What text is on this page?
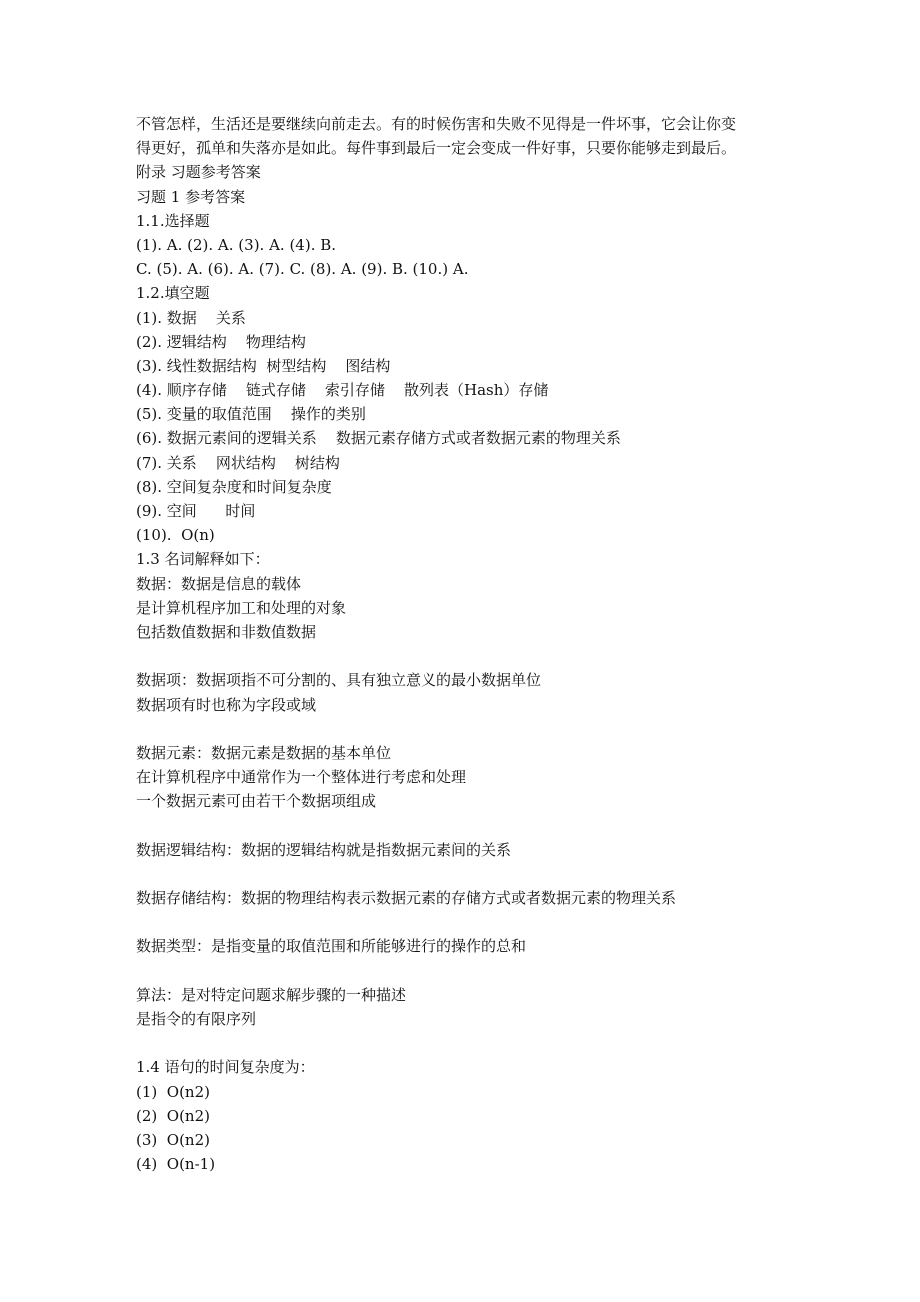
不管怎样，生活还是要继续向前走去。有的时候伤害和失败不见得是一件坏事，它会让你变
得更好，孤单和失落亦是如此。每件事到最后一定会变成一件好事，只要你能够走到最后。
附录 习题参考答案
习题 1 参考答案
1.1.选择题
(1). A. (2). A. (3). A. (4). B.
C. (5). A. (6). A. (7). C. (8). A. (9). B. (10.) A.
1.2.填空题
(1). 数据    关系
(2). 逻辑结构    物理结构
(3). 线性数据结构  树型结构    图结构
(4). 顺序存储    链式存储    索引存储    散列表（Hash）存储
(5). 变量的取值范围    操作的类别
(6). 数据元素间的逻辑关系    数据元素存储方式或者数据元素的物理关系
(7). 关系    网状结构    树结构
(8). 空间复杂度和时间复杂度
(9). 空间      时间
(10).  O(n)
1.3 名词解释如下：
数据：数据是信息的载体
是计算机程序加工和处理的对象
包括数值数据和非数值数据
数据项：数据项指不可分割的、具有独立意义的最小数据单位
数据项有时也称为字段或域
数据元素：数据元素是数据的基本单位
在计算机程序中通常作为一个整体进行考虑和处理
一个数据元素可由若干个数据项组成
数据逻辑结构：数据的逻辑结构就是指数据元素间的关系
数据存储结构：数据的物理结构表示数据元素的存储方式或者数据元素的物理关系
数据类型：是指变量的取值范围和所能够进行的操作的总和
算法：是对特定问题求解步骤的一种描述
是指令的有限序列
1.4 语句的时间复杂度为：
(1)  O(n2)
(2)  O(n2)
(3)  O(n2)
(4)  O(n-1)
